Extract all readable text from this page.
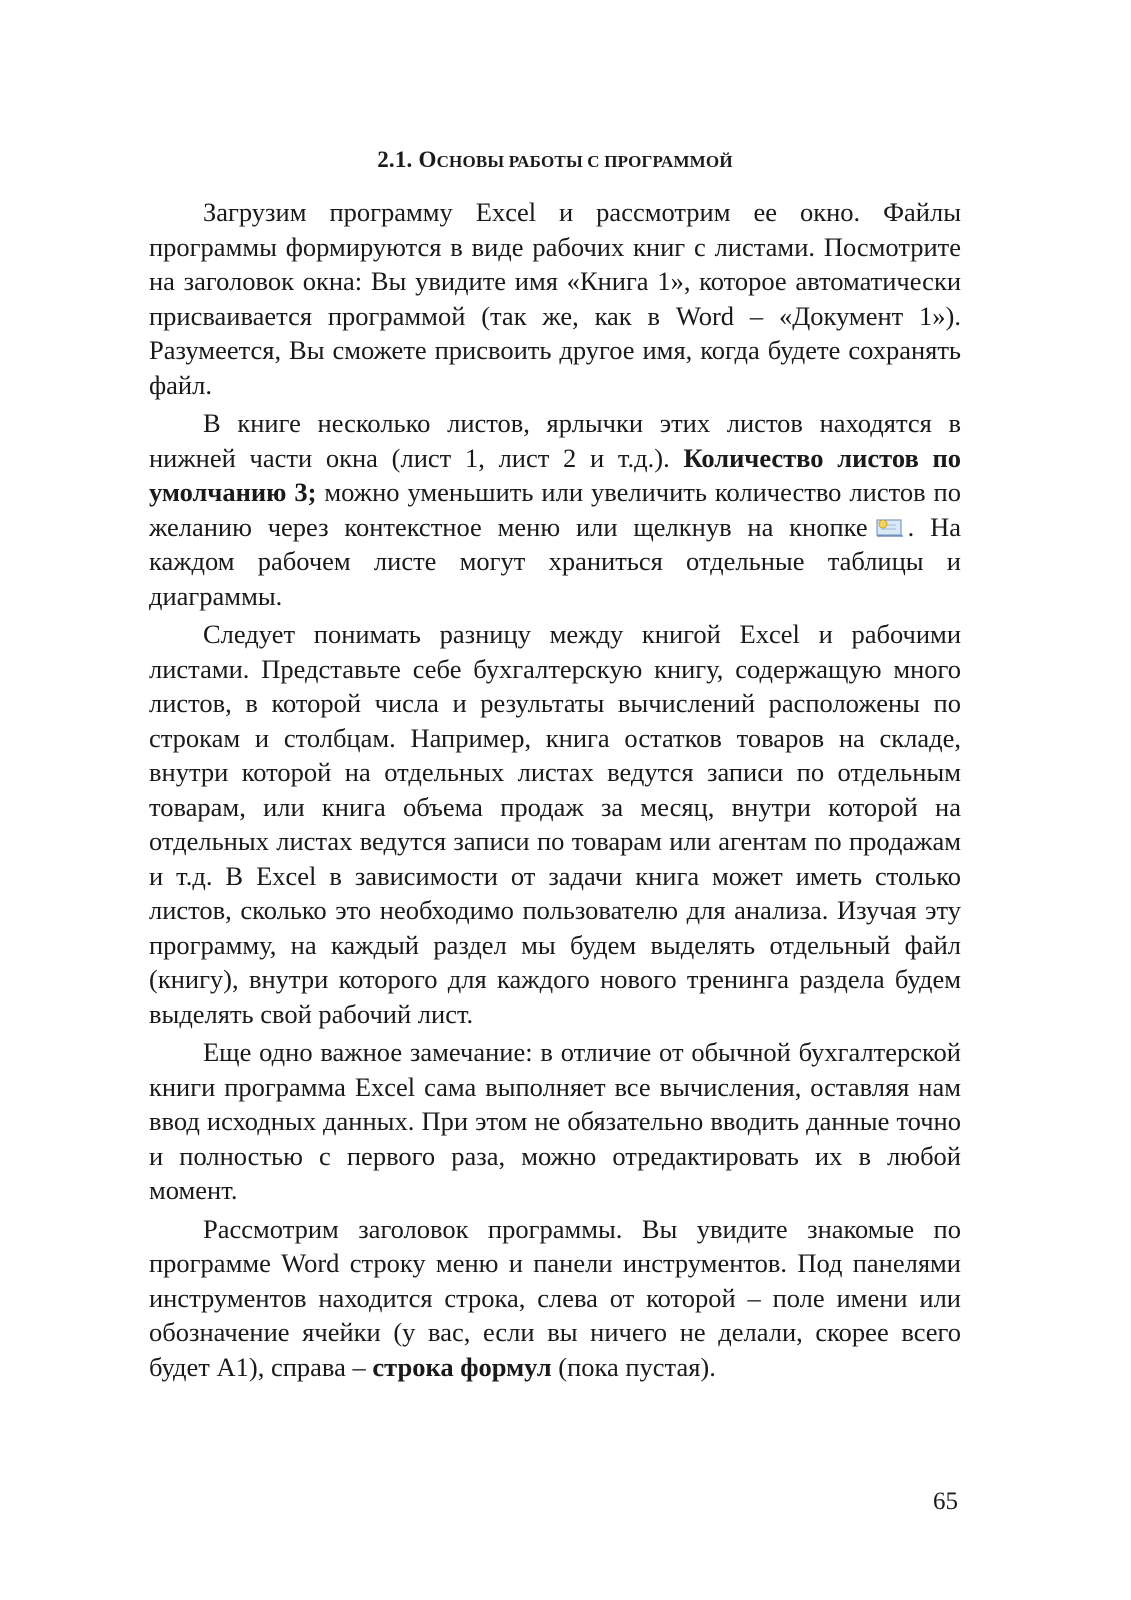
2.1. ОСНОВЫ РАБОТЫ С ПРОГРАММОЙ

Загрузим программу Excel и рассмотрим ее окно. Файлы программы формируются в виде рабочих книг с листами. Посмотрите на заголовок окна: Вы увидите имя «Книга 1», которое автоматически присваивается программой (так же, как в Word – «Документ 1»). Разумеется, Вы сможете присвоить другое имя, когда будете сохранять файл.

В книге несколько листов, ярлычки этих листов находятся в нижней части окна (лист 1, лист 2 и т.д.). Количество листов по умолчанию 3; можно уменьшить или увеличить количество листов по желанию через контекстное меню или щелкнув на кнопке . На каждом рабочем листе могут храниться отдельные таблицы и диаграммы.

Следует понимать разницу между книгой Excel и рабочими листами. Представьте себе бухгалтерскую книгу, содержащую много листов, в которой числа и результаты вычислений расположены по строкам и столбцам. Например, книга остатков товаров на складе, внутри которой на отдельных листах ведутся записи по отдельным товарам, или книга объема продаж за месяц, внутри которой на отдельных листах ведутся записи по товарам или агентам по продажам и т.д. В Excel в зависимости от задачи книга может иметь столько листов, сколько это необходимо пользователю для анализа. Изучая эту программу, на каждый раздел мы будем выделять отдельный файл (книгу), внутри которого для каждого нового тренинга раздела будем выделять свой рабочий лист.

Еще одно важное замечание: в отличие от обычной бухгалтерской книги программа Excel сама выполняет все вычисления, оставляя нам ввод исходных данных. При этом не обязательно вводить данные точно и полностью с первого раза, можно отредактировать их в любой момент.

Рассмотрим заголовок программы. Вы увидите знакомые по программе Word строку меню и панели инструментов. Под панелями инструментов находится строка, слева от которой – поле имени или обозначение ячейки (у вас, если вы ничего не делали, скорее всего будет A1), справа – строка формул (пока пустая).

65
